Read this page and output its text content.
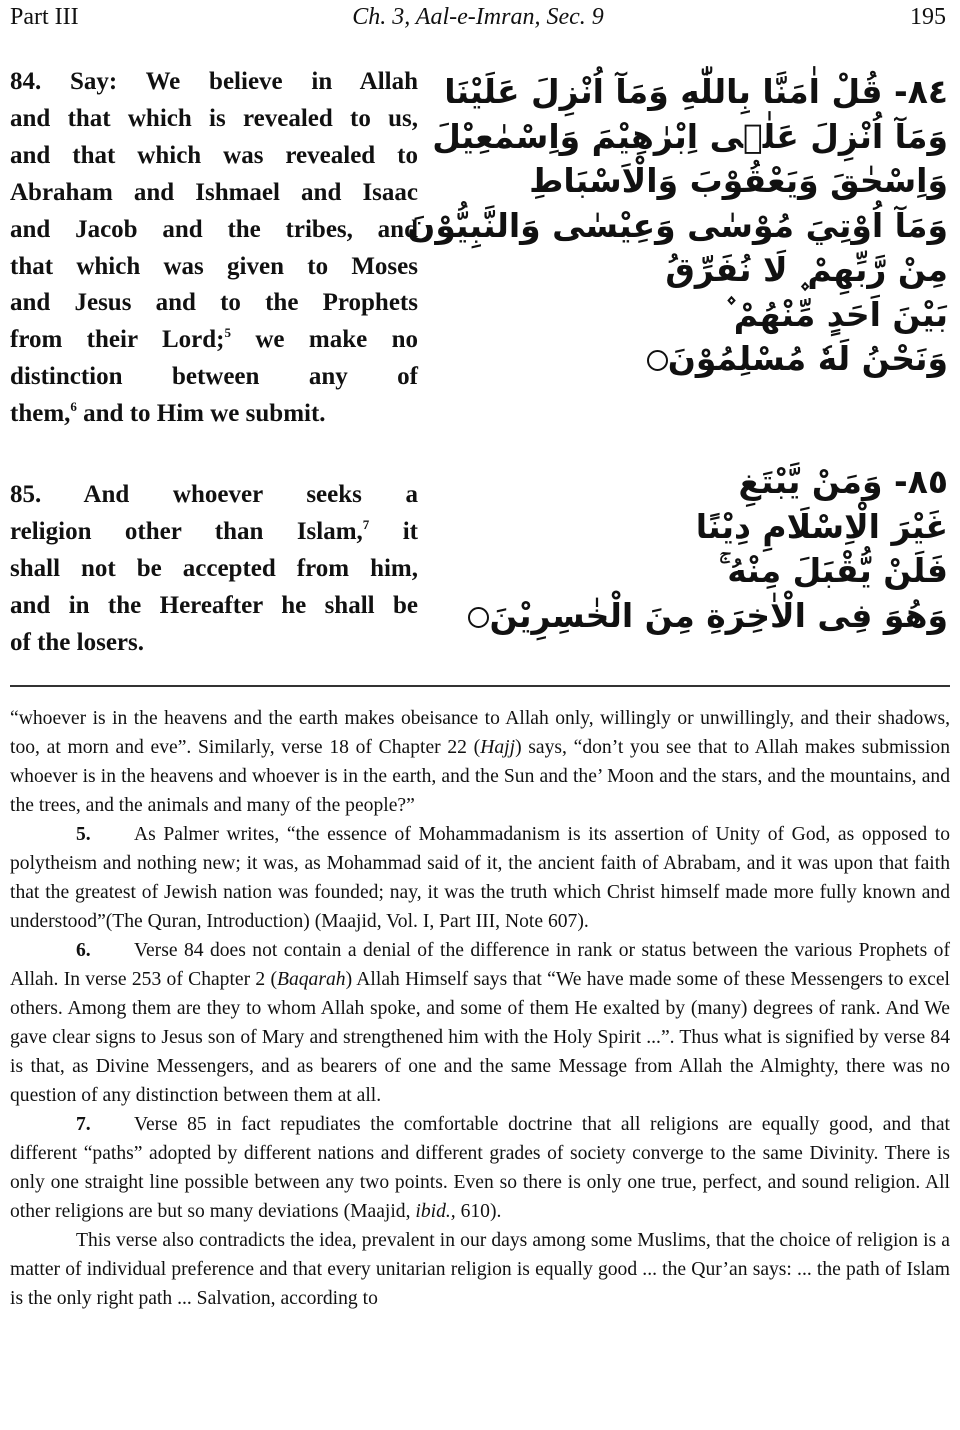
Part III	Ch. 3, Aal-e-Imran, Sec. 9	195
84. Say: We believe in Allah
and that which is revealed to us,
and that which was revealed to
Abraham and Ishmael and Isaac
and Jacob and the tribes, and
that which was given to Moses
and Jesus and to the Prophets
from their Lord;$^5$ we make no
distinction between any of
them,$^6$ and to Him we submit.
٨٤- قُلْ اٰمَنَّا بِاللّٰهِ وَمَآ اُنْزِلَ عَلَيْنَا
وَمَآ اُنْزِلَ عَلٰۤى اِبْرٰهِيْمَ وَاِسْمٰعِيْلَ
وَاِسْحٰقَ وَيَعْقُوْبَ وَالْاَسْبَاطِ
وَمَآ اُوْتِيَ مُوْسٰى وَعِيْسٰى وَالنَّبِيُّوْنَ
مِنْ رَّبِّهِمْ ۪ لَا نُفَرِّقُ
بَيْنَ اَحَدٍ مِّنْهُمْ ۫
وَنَحْنُ لَهٗ مُسْلِمُوْنَ
85. And whoever seeks a
religion other than Islam,$^7$ it
shall not be accepted from him,
and in the Hereafter he shall be
of the losers.
٨٥- وَمَنْ يَّبْتَغِ
غَيْرَ الْاِسْلَامِ دِيْنًا
فَلَنْ يُّقْبَلَ مِنْهُ ۚ
وَهُوَ فِى الْاٰخِرَةِ مِنَ الْخٰسِرِيْنَ

“whoever is in the heavens and the earth makes obeisance to Allah only, willingly or unwillingly, and their shadows, too, at morn and eve”. Similarly, verse 18 of Chapter 22 (Hajj) says, “don’t you see that to Allah makes submission whoever is in the heavens and whoever is in the earth, and the Sun and the’ Moon and the stars, and the mountains, and the trees, and the animals and many of the people?”

5. As Palmer writes, “the essence of Mohammadanism is its assertion of Unity of God, as opposed to polytheism and nothing new; it was, as Mohammad said of it, the ancient faith of Abrabam, and it was upon that faith that the greatest of Jewish nation was founded; nay, it was the truth which Christ himself made more fully known and understood”(The Quran, Introduction) (Maajid, Vol. I, Part III, Note 607).

6. Verse 84 does not contain a denial of the difference in rank or status between the various Prophets of Allah. In verse 253 of Chapter 2 (Baqarah) Allah Himself says that “We have made some of these Messengers to excel others. Among them are they to whom Allah spoke, and some of them He exalted by (many) degrees of rank. And We gave clear signs to Jesus son of Mary and strengthened him with the Holy Spirit ...”. Thus what is signified by verse 84 is that, as Divine Messengers, and as bearers of one and the same Message from Allah the Almighty, there was no question of any distinction between them at all.

7. Verse 85 in fact repudiates the comfortable doctrine that all religions are equally good, and that different “paths” adopted by different nations and different grades of society converge to the same Divinity. There is only one straight line possible between any two points. Even so there is only one true, perfect, and sound religion. All other religions are but so many deviations (Maajid, ibid., 610).

This verse also contradicts the idea, prevalent in our days among some Muslims, that the choice of religion is a matter of individual preference and that every unitarian religion is equally good ... the Qur’an says: ... the path of Islam is the only right path ... Salvation, according to
